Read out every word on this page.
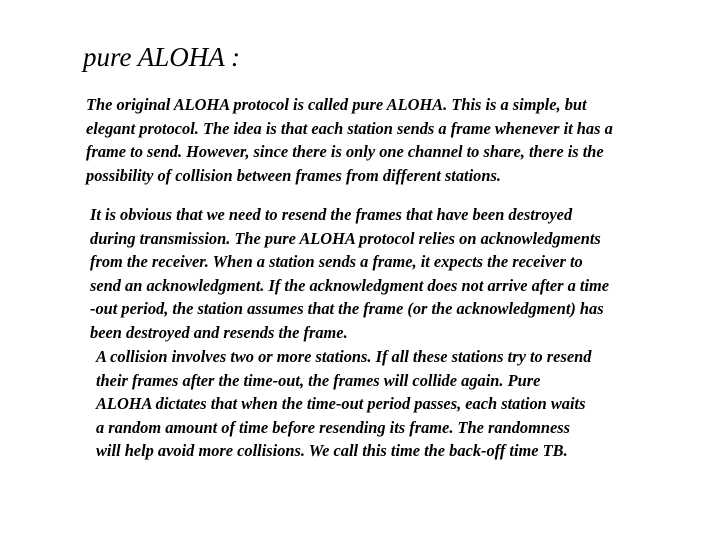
pure ALOHA :
The original ALOHA protocol is called pure ALOHA. This is a simple, but
elegant protocol. The idea is that each station sends a frame whenever it has a
frame to send. However, since there is only one channel to share, there is the
possibility of collision between frames from different stations.
It is obvious that we need to resend the frames that have been destroyed
during transmission. The pure ALOHA protocol relies on acknowledgments
from the receiver. When a station sends a frame, it expects the receiver to
send an acknowledgment. If the acknowledgment does not arrive after a time
-out period, the station assumes that the frame (or the acknowledgment) has
been destroyed and resends the frame.
A collision involves two or more stations. If all these stations try to resend
their frames after the time-out, the frames will collide again. Pure
ALOHA dictates that when the time-out period passes, each station waits
a random amount of time before resending its frame. The randomness
will help avoid more collisions. We call this time the back-off time TB.
